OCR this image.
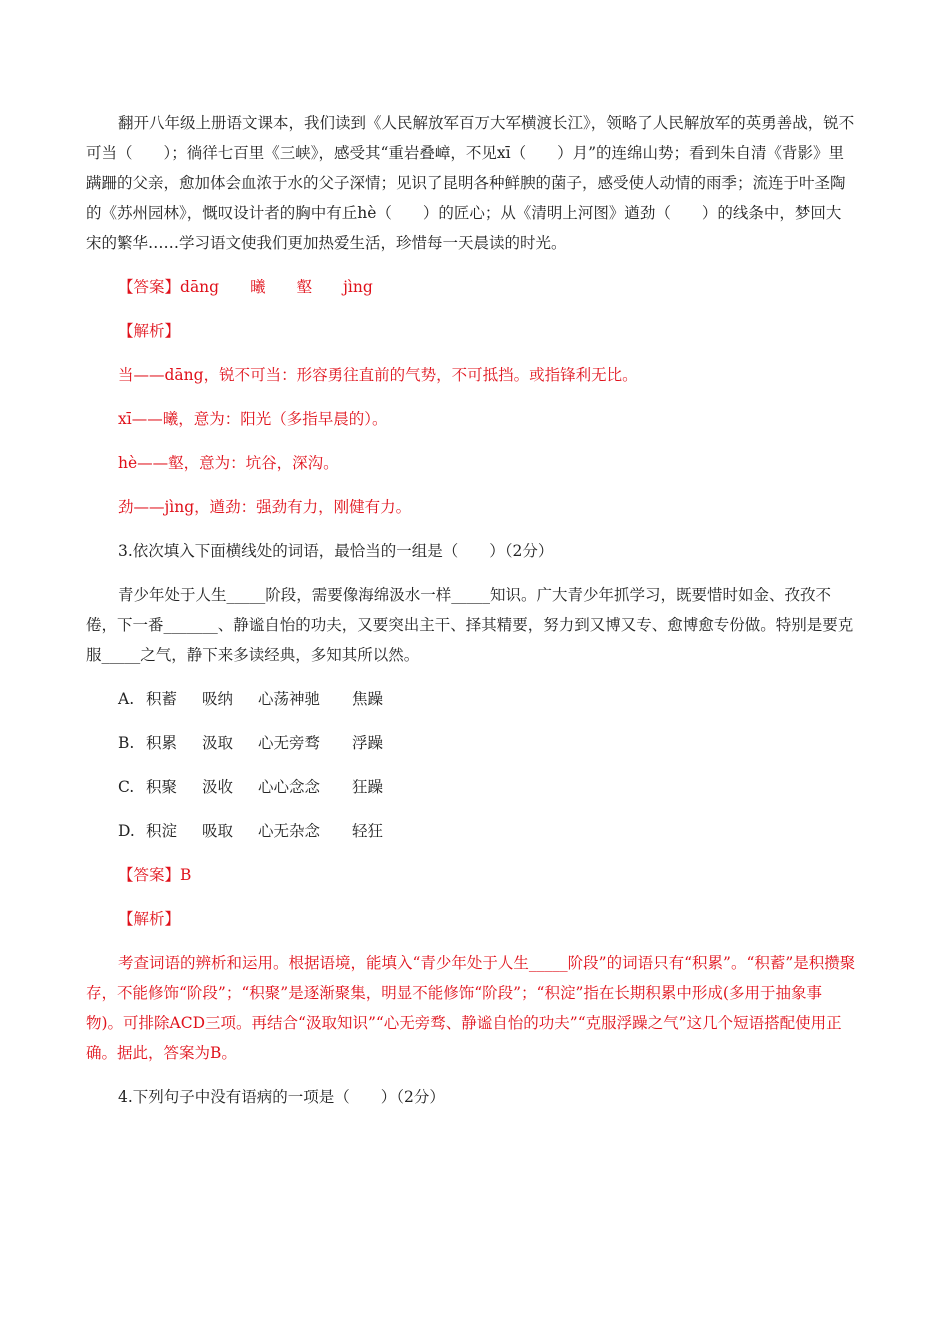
翻开八年级上册语文课本，我们读到《人民解放军百万大军横渡长江》，领略了人民解放军的英勇善战，锐不可当（　　）；徜徉七百里《三峡》，感受其“重岩叠嶂，不见xī（　　）月”的连绵山势；看到朱自清《背影》里蹒跚的父亲，愈加体会血浓于水的父子深情；见识了昆明各种鲜腴的菌子，感受使人动情的雨季；流连于叶圣陶的《苏州园林》，慨叹设计者的胸中有丘hè（　　）的匠心；从《清明上河图》遒劲（　　）的线条中，梦回大宋的繁华……学习语文使我们更加热爱生活，珍惜每一天晨读的时光。

【答案】dāng　　曦　　壑　　jìng

【解析】

当——dāng，锐不可当：形容勇往直前的气势，不可抵挡。或指锋利无比。

xī——曦，意为：阳光（多指早晨的）。

hè——壑，意为：坑谷，深沟。

劲——jìng，遒劲：强劲有力，刚健有力。

3.依次填入下面横线处的词语，最恰当的一组是（　　）（2分）

青少年处于人生_____阶段，需要像海绵汲水一样_____知识。广大青少年抓学习，既要惜时如金、孜孜不倦，下一番_______、静谧自怡的功夫，又要突出主干、择其精要，努力到又博又专、愈博愈专份做。特别是要克服_____之气，静下来多读经典，多知其所以然。

A. 积蓄 吸纳 心荡神驰 焦躁

B. 积累 汲取 心无旁骛 浮躁

C. 积聚 汲收 心心念念 狂躁

D. 积淀 吸取 心无杂念 轻狂

【答案】B

【解析】

考查词语的辨析和运用。根据语境，能填入“青少年处于人生_____阶段”的词语只有“积累”。“积蓄”是积攒聚存，不能修饰“阶段”；“积聚”是逐渐聚集，明显不能修饰“阶段”；“积淀”指在长期积累中形成(多用于抽象事物)。可排除ACD三项。再结合“汲取知识”“心无旁骛、静谧自怡的功夫”“克服浮躁之气”这几个短语搭配使用正确。据此，答案为B。

4.下列句子中没有语病的一项是（　　）（2分）
